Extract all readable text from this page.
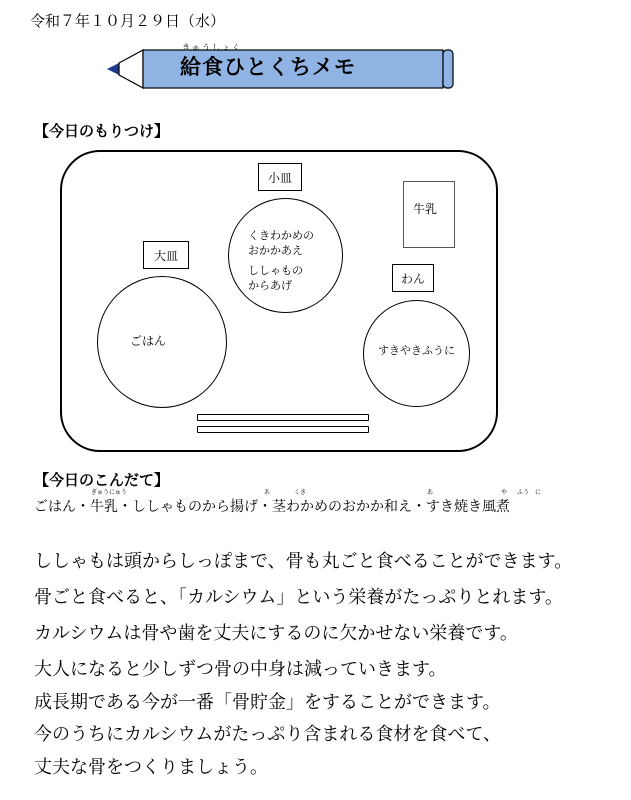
令和７年１０月２９日（水）
きゅうしょく
給食ひとくちメモ
【今日のもりつけ】
小皿
くきわかめの
おかかあえ
ししゃもの
からあげ
大皿
ごはん
牛乳
わん
すきやきふうに
【今日のこんだて】
ぎゅうにゅう	あ	くき	あ	や ふう に
ごはん・牛乳・ししゃものから揚げ・茎わかめのおかか和え・すき焼き風煮
ししゃもは頭からしっぽまで、骨も丸ごと食べることができます。
骨ごと食べると、「カルシウム」という栄養がたっぷりとれます。
カルシウムは骨や歯を丈夫にするのに欠かせない栄養です。
大人になると少しずつ骨の中身は減っていきます。
成長期である今が一番「骨貯金」をすることができます。
今のうちにカルシウムがたっぷり含まれる食材を食べて、
丈夫な骨をつくりましょう。
